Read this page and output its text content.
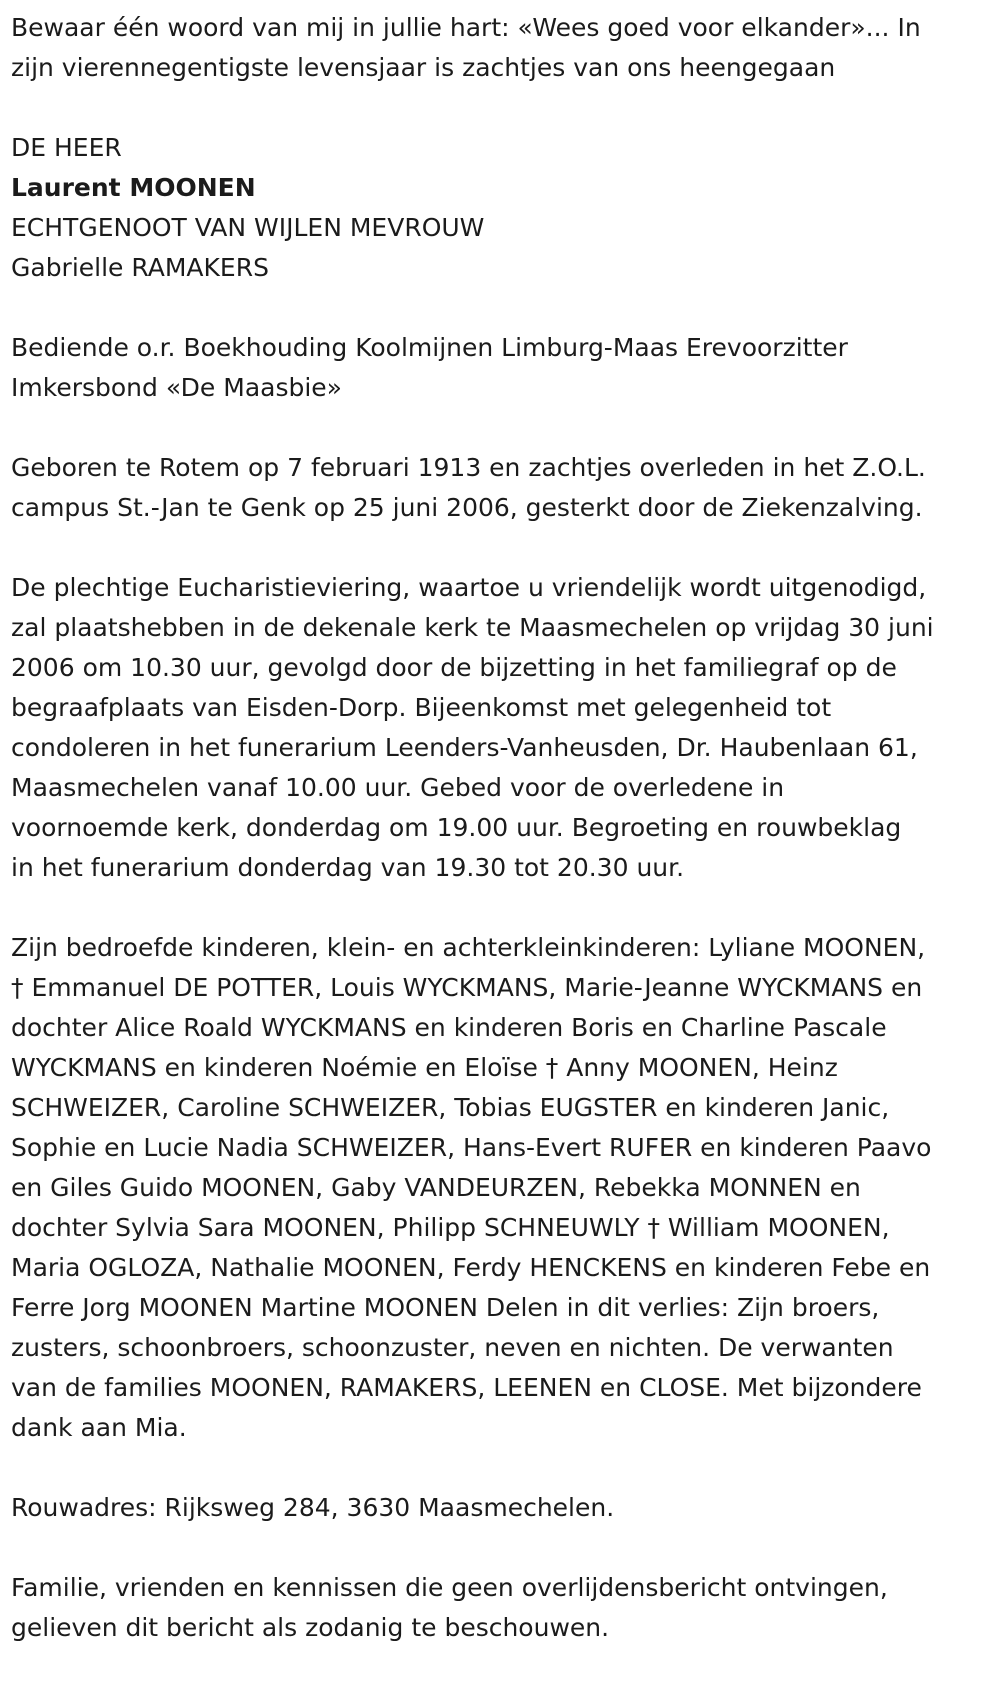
Bewaar één woord van mij in jullie hart: «Wees goed voor elkander»... In

zijn vierennegentigste levensjaar is zachtjes van ons heengegaan

DE HEER

Laurent MOONEN

ECHTGENOOT VAN WIJLEN MEVROUW

Gabrielle RAMAKERS

Bediende o.r. Boekhouding Koolmijnen Limburg-Maas Erevoorzitter

Imkersbond «De Maasbie»

Geboren te Rotem op 7 februari 1913 en zachtjes overleden in het Z.O.L.

campus St.-Jan te Genk op 25 juni 2006, gesterkt door de Ziekenzalving.

De plechtige Eucharistieviering, waartoe u vriendelijk wordt uitgenodigd,

zal plaatshebben in de dekenale kerk te Maasmechelen op vrijdag 30 juni

2006 om 10.30 uur, gevolgd door de bijzetting in het familiegraf op de

begraafplaats van Eisden-Dorp. Bijeenkomst met gelegenheid tot

condoleren in het funerarium Leenders-Vanheusden, Dr. Haubenlaan 61,

Maasmechelen vanaf 10.00 uur. Gebed voor de overledene in

voornoemde kerk, donderdag om 19.00 uur. Begroeting en rouwbeklag

in het funerarium donderdag van 19.30 tot 20.30 uur.

Zijn bedroefde kinderen, klein- en achterkleinkinderen: Lyliane MOONEN,

† Emmanuel DE POTTER, Louis WYCKMANS, Marie-Jeanne WYCKMANS en

dochter Alice Roald WYCKMANS en kinderen Boris en Charline Pascale

WYCKMANS en kinderen Noémie en Eloïse † Anny MOONEN, Heinz

SCHWEIZER, Caroline SCHWEIZER, Tobias EUGSTER en kinderen Janic,

Sophie en Lucie Nadia SCHWEIZER, Hans-Evert RUFER en kinderen Paavo

en Giles Guido MOONEN, Gaby VANDEURZEN, Rebekka MONNEN en

dochter Sylvia Sara MOONEN, Philipp SCHNEUWLY † William MOONEN,

Maria OGLOZA, Nathalie MOONEN, Ferdy HENCKENS en kinderen Febe en

Ferre Jorg MOONEN Martine MOONEN Delen in dit verlies: Zijn broers,

zusters, schoonbroers, schoonzuster, neven en nichten. De verwanten

van de families MOONEN, RAMAKERS, LEENEN en CLOSE. Met bijzondere

dank aan Mia.

Rouwadres: Rijksweg 284, 3630 Maasmechelen.

Familie, vrienden en kennissen die geen overlijdensbericht ontvingen,

gelieven dit bericht als zodanig te beschouwen.
